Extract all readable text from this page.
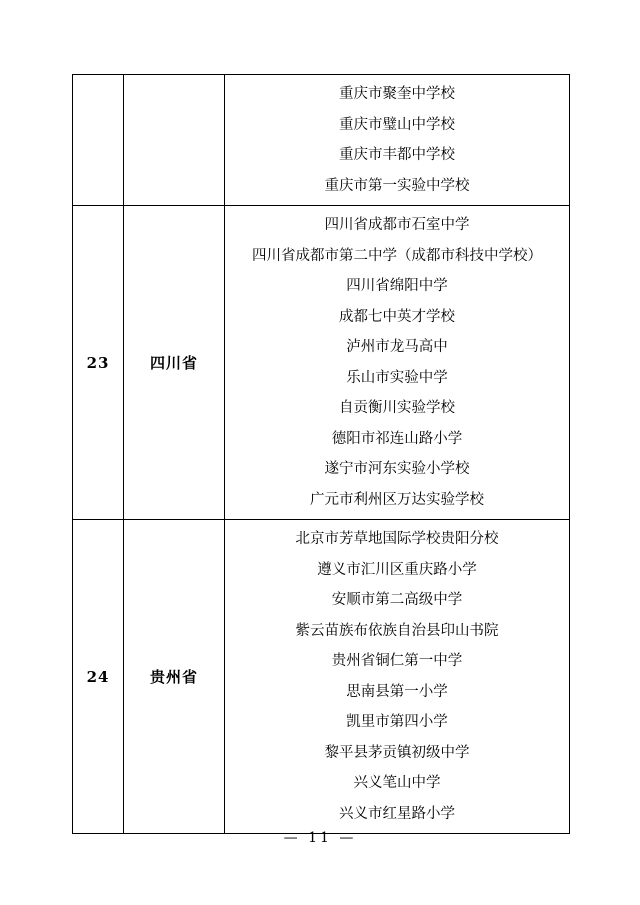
重庆市聚奎中学校
重庆市璧山中学校
重庆市丰都中学校
重庆市第一实验中学校

23	四川省	
四川省成都市石室中学
四川省成都市第二中学（成都市科技中学校）
四川省绵阳中学
成都七中英才学校
泸州市龙马高中
乐山市实验中学
自贡衡川实验学校
德阳市祁连山路小学
遂宁市河东实验小学校
广元市利州区万达实验学校

24	贵州省	
北京市芳草地国际学校贵阳分校
遵义市汇川区重庆路小学
安顺市第二高级中学
紫云苗族布依族自治县印山书院
贵州省铜仁第一中学
思南县第一小学
凯里市第四小学
黎平县茅贡镇初级中学
兴义笔山中学
兴义市红星路小学
— 11 —
